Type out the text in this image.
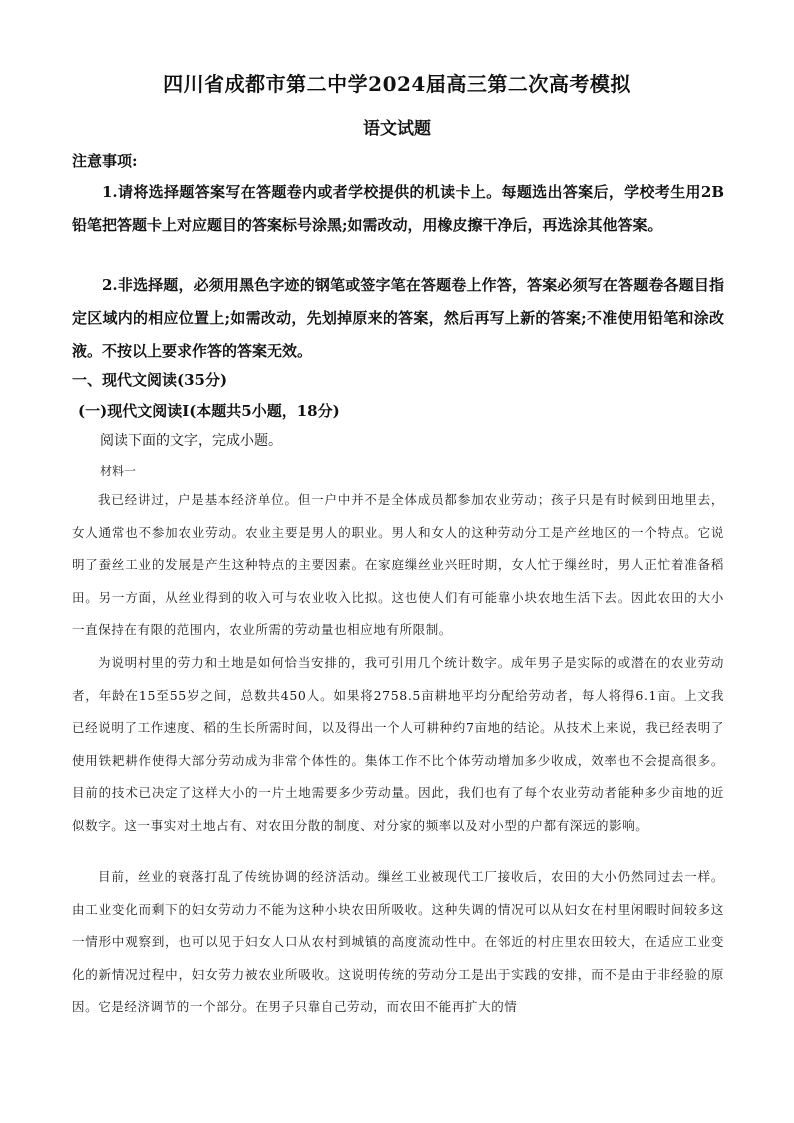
四川省成都市第二中学2024届高三第二次高考模拟
语文试题
注意事项:
1.请将选择题答案写在答题卷内或者学校提供的机读卡上。每题选出答案后，学校考生用2B铅笔把答题卡上对应题目的答案标号涂黑;如需改动，用橡皮擦干净后，再选涂其他答案。
2.非选择题，必须用黑色字迹的钢笔或签字笔在答题卷上作答，答案必须写在答题卷各题目指定区域内的相应位置上;如需改动，先划掉原来的答案，然后再写上新的答案;不准使用铅笔和涂改液。不按以上要求作答的答案无效。
一、现代文阅读(35分)
(一)现代文阅读Ⅰ(本题共5小题，18分)
阅读下面的文字，完成小题。
材料一
我已经讲过，户是基本经济单位。但一户中并不是全体成员都参加农业劳动；孩子只是有时候到田地里去，女人通常也不参加农业劳动。农业主要是男人的职业。男人和女人的这种劳动分工是产丝地区的一个特点。它说明了蚕丝工业的发展是产生这种特点的主要因素。在家庭缫丝业兴旺时期，女人忙于缫丝时，男人正忙着准备稻田。另一方面，从丝业得到的收入可与农业收入比拟。这也使人们有可能靠小块农地生活下去。因此农田的大小一直保持在有限的范围内，农业所需的劳动量也相应地有所限制。
为说明村里的劳力和土地是如何恰当安排的，我可引用几个统计数字。成年男子是实际的或潜在的农业劳动者，年龄在15至55岁之间，总数共450人。如果将2758.5亩耕地平均分配给劳动者，每人将得6.1亩。上文我已经说明了工作速度、稻的生长所需时间，以及得出一个人可耕种约7亩地的结论。从技术上来说，我已经表明了使用铁耙耕作使得大部分劳动成为非常个体性的。集体工作不比个体劳动增加多少收成，效率也不会提高很多。目前的技术已决定了这样大小的一片土地需要多少劳动量。因此，我们也有了每个农业劳动者能种多少亩地的近似数字。这一事实对土地占有、对农田分散的制度、对分家的频率以及对小型的户都有深远的影响。
目前，丝业的衰落打乱了传统协调的经济活动。缫丝工业被现代工厂接收后，农田的大小仍然同过去一样。由工业变化而剩下的妇女劳动力不能为这种小块农田所吸收。这种失调的情况可以从妇女在村里闲暇时间较多这一情形中观察到，也可以见于妇女人口从农村到城镇的高度流动性中。在邻近的村庄里农田较大，在适应工业变化的新情况过程中，妇女劳力被农业所吸收。这说明传统的劳动分工是出于实践的安排，而不是由于非经验的原因。它是经济调节的一个部分。在男子只靠自己劳动，而农田不能再扩大的情
